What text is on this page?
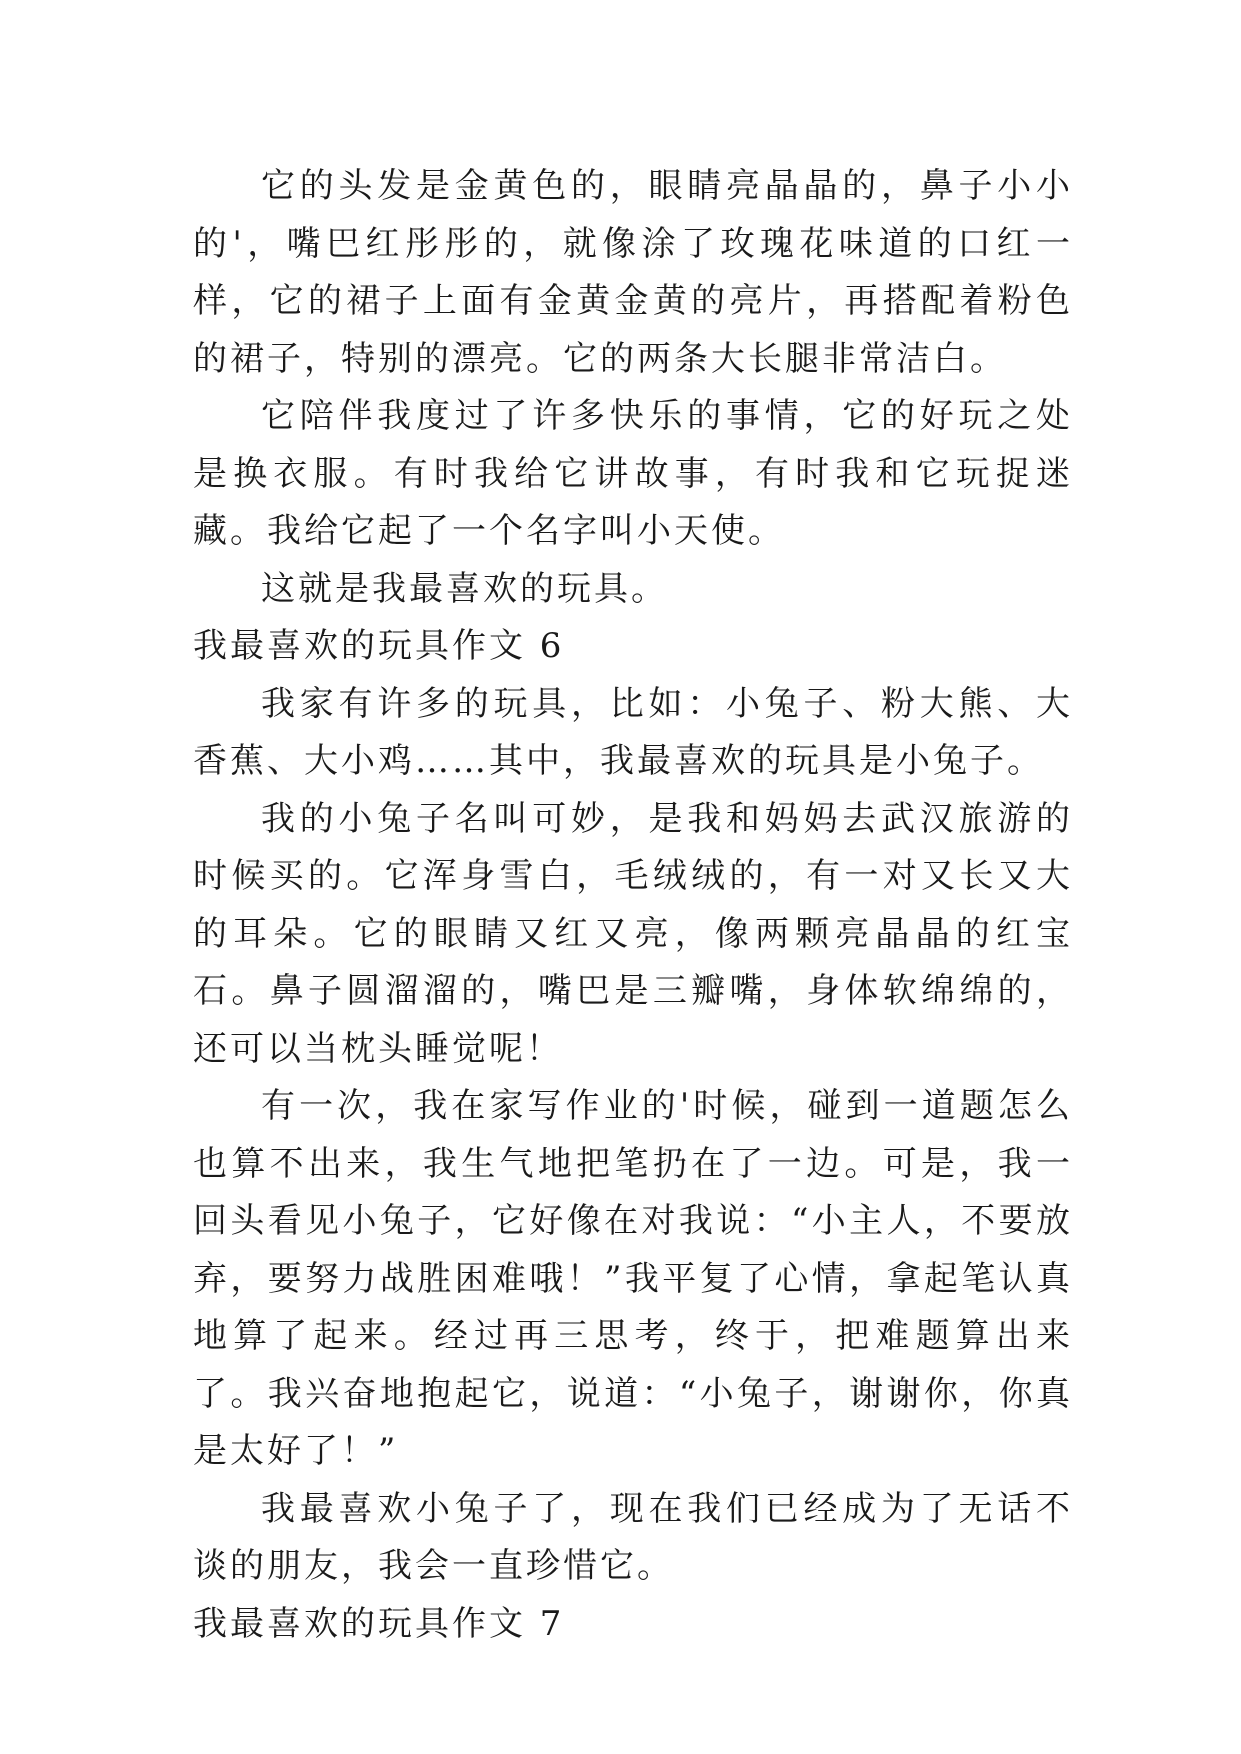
它的头发是金黄色的，眼睛亮晶晶的，鼻子小小的'，嘴巴红彤彤的，就像涂了玫瑰花味道的口红一样，它的裙子上面有金黄金黄的亮片，再搭配着粉色的裙子，特别的漂亮。它的两条大长腿非常洁白。

它陪伴我度过了许多快乐的事情，它的好玩之处是换衣服。有时我给它讲故事，有时我和它玩捉迷藏。我给它起了一个名字叫小天使。

这就是我最喜欢的玩具。

我最喜欢的玩具作文 6

我家有许多的玩具，比如：小兔子、粉大熊、大香蕉、大小鸡……其中，我最喜欢的玩具是小兔子。

我的小兔子名叫可妙，是我和妈妈去武汉旅游的时候买的。它浑身雪白，毛绒绒的，有一对又长又大的耳朵。它的眼睛又红又亮，像两颗亮晶晶的红宝石。鼻子圆溜溜的，嘴巴是三瓣嘴，身体软绵绵的，还可以当枕头睡觉呢！

有一次，我在家写作业的'时候，碰到一道题怎么也算不出来，我生气地把笔扔在了一边。可是，我一回头看见小兔子，它好像在对我说：“小主人，不要放弃，要努力战胜困难哦！”我平复了心情，拿起笔认真地算了起来。经过再三思考，终于，把难题算出来了。我兴奋地抱起它，说道：“小兔子，谢谢你，你真是太好了！”

我最喜欢小兔子了，现在我们已经成为了无话不谈的朋友，我会一直珍惜它。

我最喜欢的玩具作文 7
